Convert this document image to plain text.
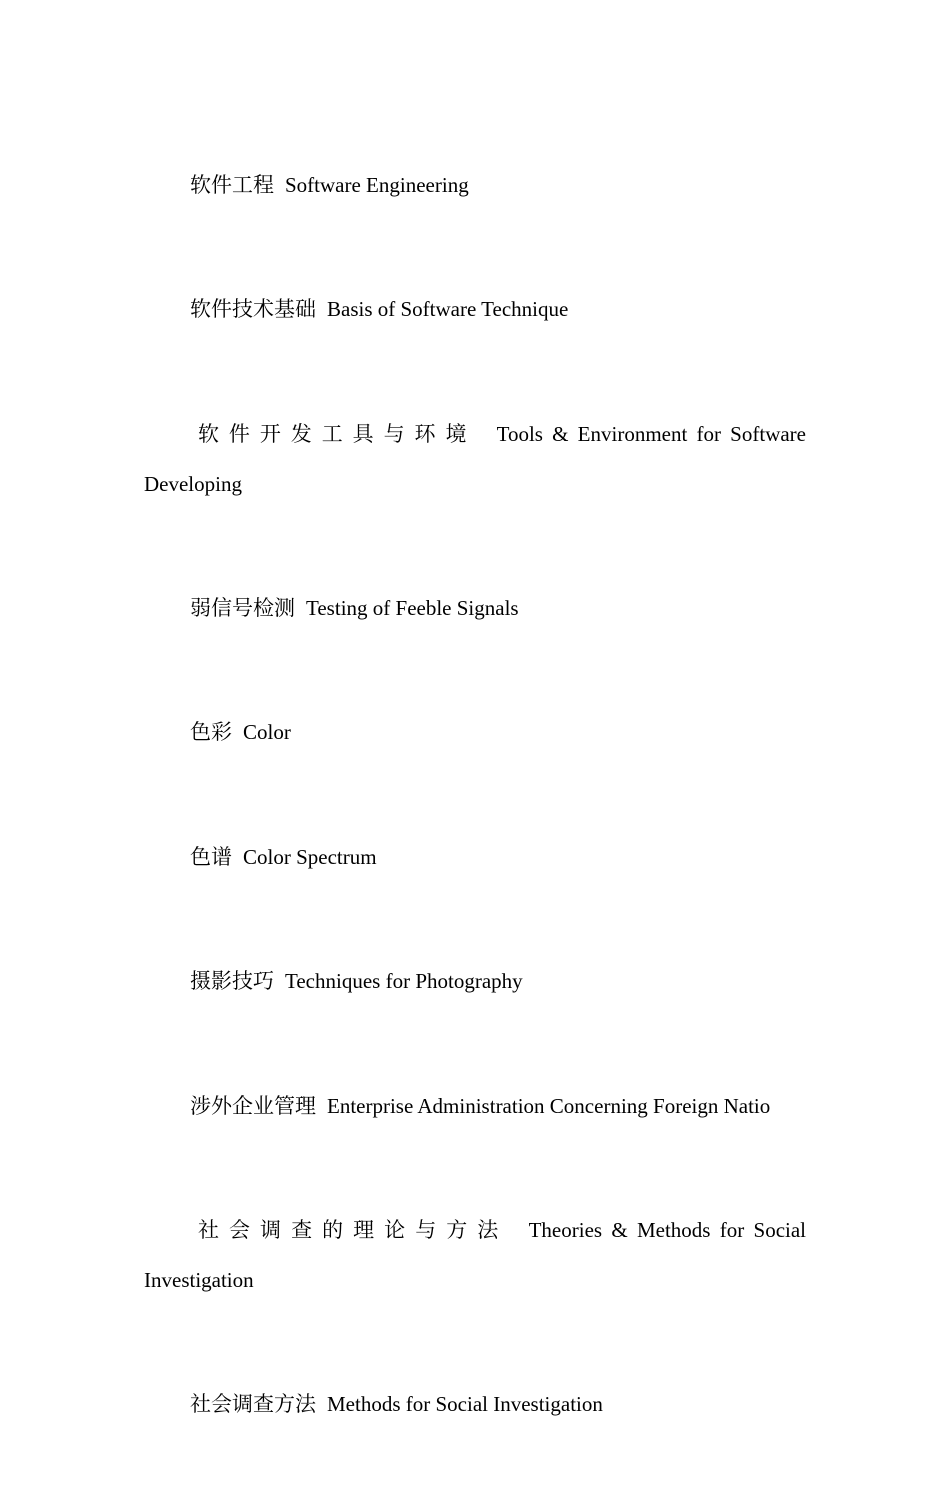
软件工程 Software Engineering

软件技术基础 Basis of Software Technique

软件开发工具与环境 Tools & Environment for Software Developing

弱信号检测 Testing of Feeble Signals

色彩 Color

色谱 Color Spectrum

摄影技巧 Techniques for Photography

涉外企业管理 Enterprise Administration Concerning Foreign Natio

社会调查的理论与方法 Theories & Methods for Social Investigation

社会调查方法 Methods for Social Investigation
